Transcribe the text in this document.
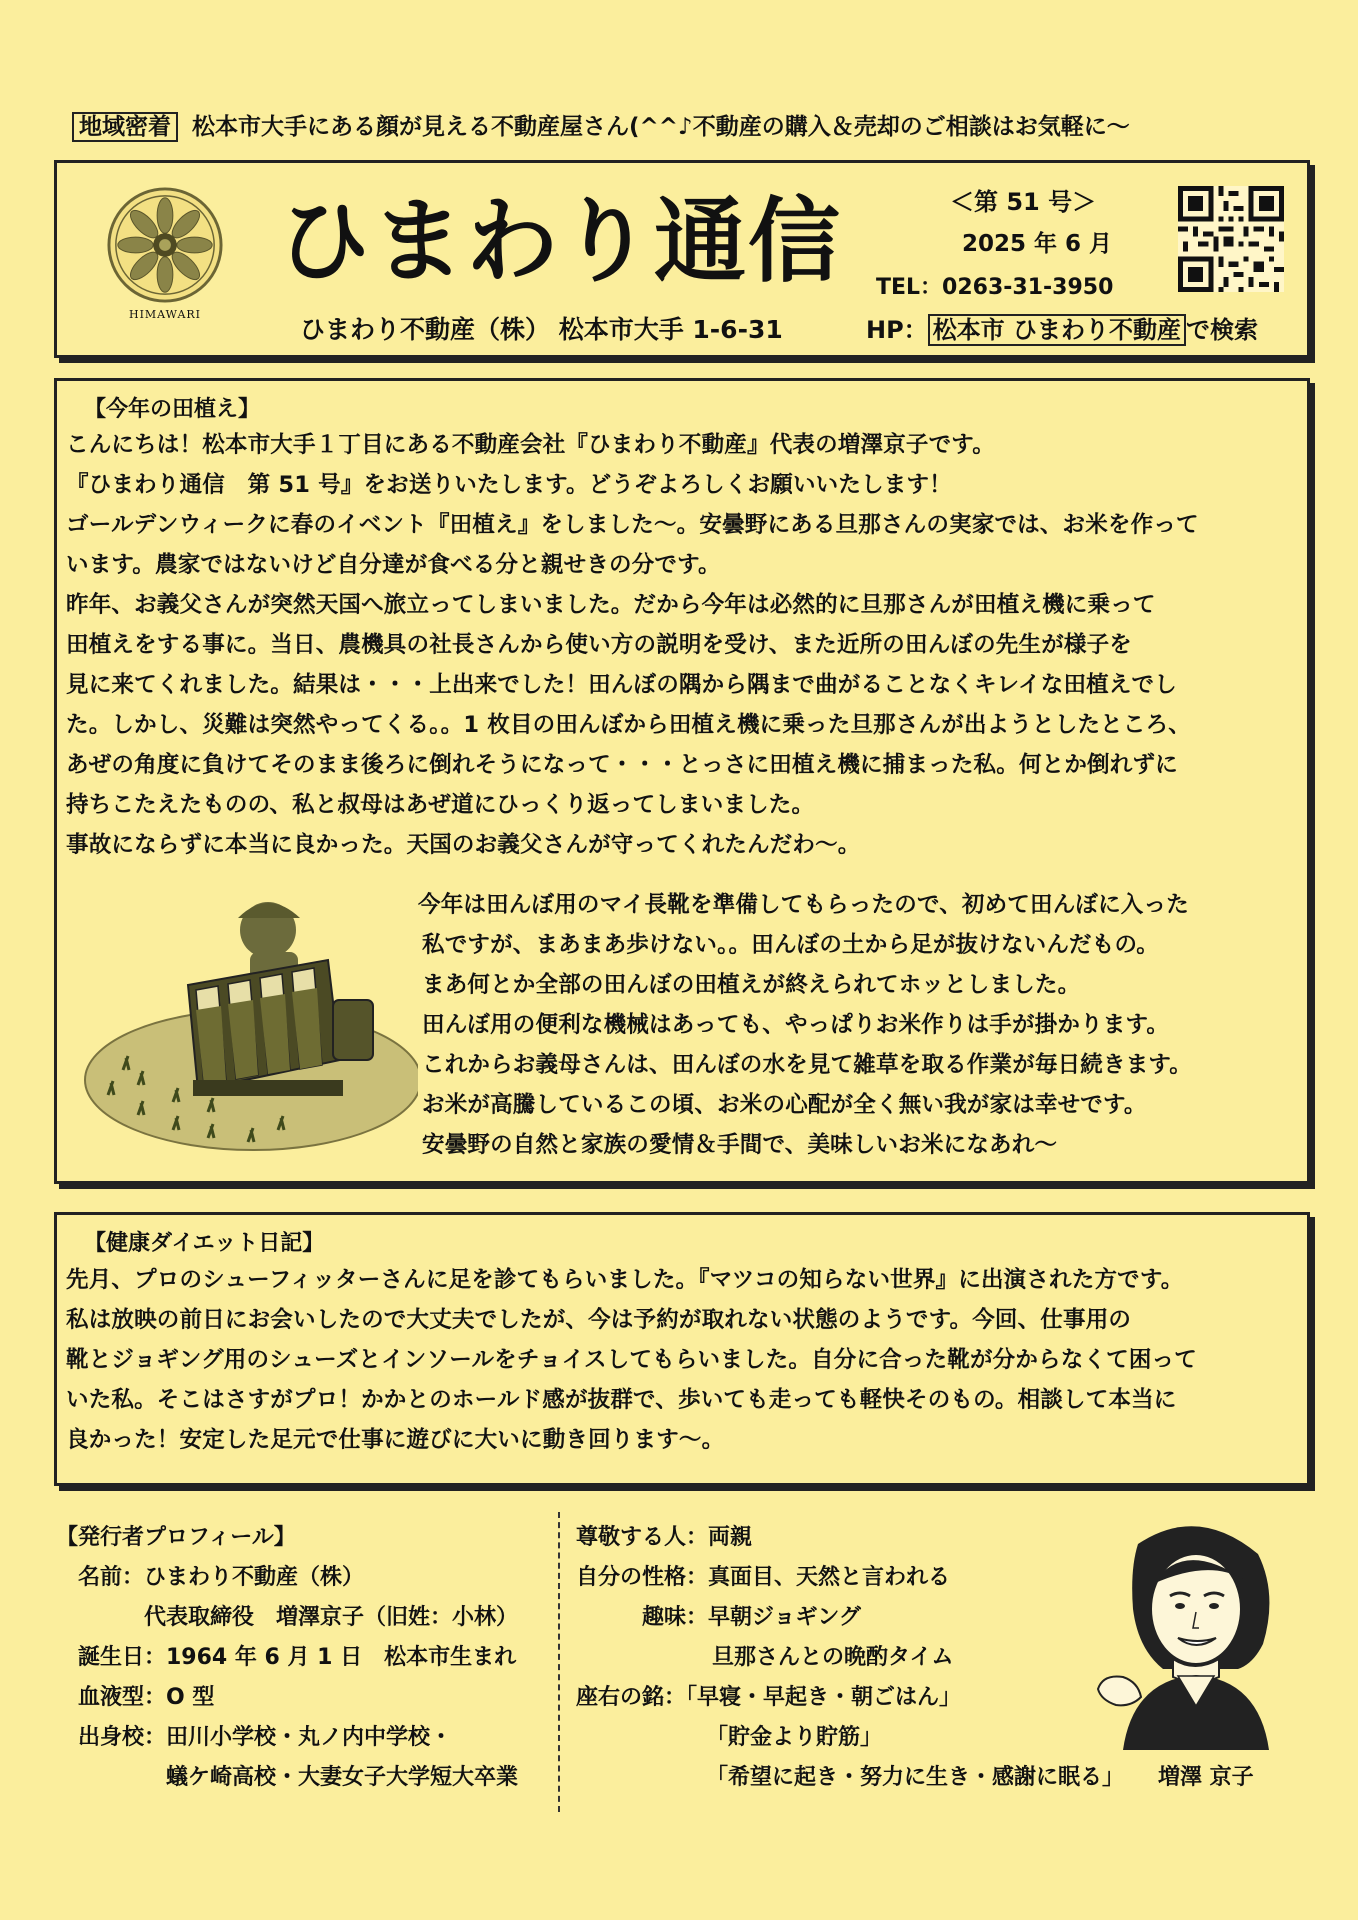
地域密着 松本市大手にある顔が見える不動産屋さん(^^♪不動産の購入＆売却のご相談はお気軽に～
HIMAWARI
ひまわり通信	＜第 51 号＞
2025 年 6 月
TEL：0263-31-3950
ひまわり不動産（株） 松本市大手 1-6-31	HP： 松本市 ひまわり不動産 で検索
【今年の田植え】
こんにちは！松本市大手１丁目にある不動産会社『ひまわり不動産』代表の増澤京子です。
『ひまわり通信　第 51 号』をお送りいたします。どうぞよろしくお願いいたします！
ゴールデンウィークに春のイベント『田植え』をしました～。安曇野にある旦那さんの実家では、お米を作って
います。農家ではないけど自分達が食べる分と親せきの分です。
昨年、お義父さんが突然天国へ旅立ってしまいました。だから今年は必然的に旦那さんが田植え機に乗って
田植えをする事に。当日、農機具の社長さんから使い方の説明を受け、また近所の田んぼの先生が様子を
見に来てくれました。結果は・・・上出来でした！田んぼの隅から隅まで曲がることなくキレイな田植えでし
た。しかし、災難は突然やってくる。。1 枚目の田んぼから田植え機に乗った旦那さんが出ようとしたところ、
あぜの角度に負けてそのまま後ろに倒れそうになって・・・とっさに田植え機に捕まった私。何とか倒れずに
持ちこたえたものの、私と叔母はあぜ道にひっくり返ってしまいました。
事故にならずに本当に良かった。天国のお義父さんが守ってくれたんだわ～。
今年は田んぼ用のマイ長靴を準備してもらったので、初めて田んぼに入った
私ですが、まあまあ歩けない。。田んぼの土から足が抜けないんだもの。
まあ何とか全部の田んぼの田植えが終えられてホッとしました。
田んぼ用の便利な機械はあっても、やっぱりお米作りは手が掛かります。
これからお義母さんは、田んぼの水を見て雑草を取る作業が毎日続きます。
お米が高騰しているこの頃、お米の心配が全く無い我が家は幸せです。
安曇野の自然と家族の愛情＆手間で、美味しいお米になあれ～
【健康ダイエット日記】
先月、プロのシューフィッターさんに足を診てもらいました。『マツコの知らない世界』に出演された方です。
私は放映の前日にお会いしたので大丈夫でしたが、今は予約が取れない状態のようです。今回、仕事用の
靴とジョギング用のシューズとインソールをチョイスしてもらいました。自分に合った靴が分からなくて困って
いた私。そこはさすがプロ！かかとのホールド感が抜群で、歩いても走っても軽快そのもの。相談して本当に
良かった！安定した足元で仕事に遊びに大いに動き回ります～。
【発行者プロフィール】
名前：ひまわり不動産（株）
代表取締役　増澤京子（旧姓：小林）
誕生日：1964 年 6 月 1 日　松本市生まれ
血液型：O 型
出身校：田川小学校・丸ノ内中学校・
蟻ケ崎高校・大妻女子大学短大卒業
尊敬する人：両親
自分の性格：真面目、天然と言われる
趣味：早朝ジョギング
旦那さんとの晩酌タイム
座右の銘：「早寝・早起き・朝ごはん」
「貯金より貯筋」
「希望に起き・努力に生き・感謝に眠る」 増澤 京子
